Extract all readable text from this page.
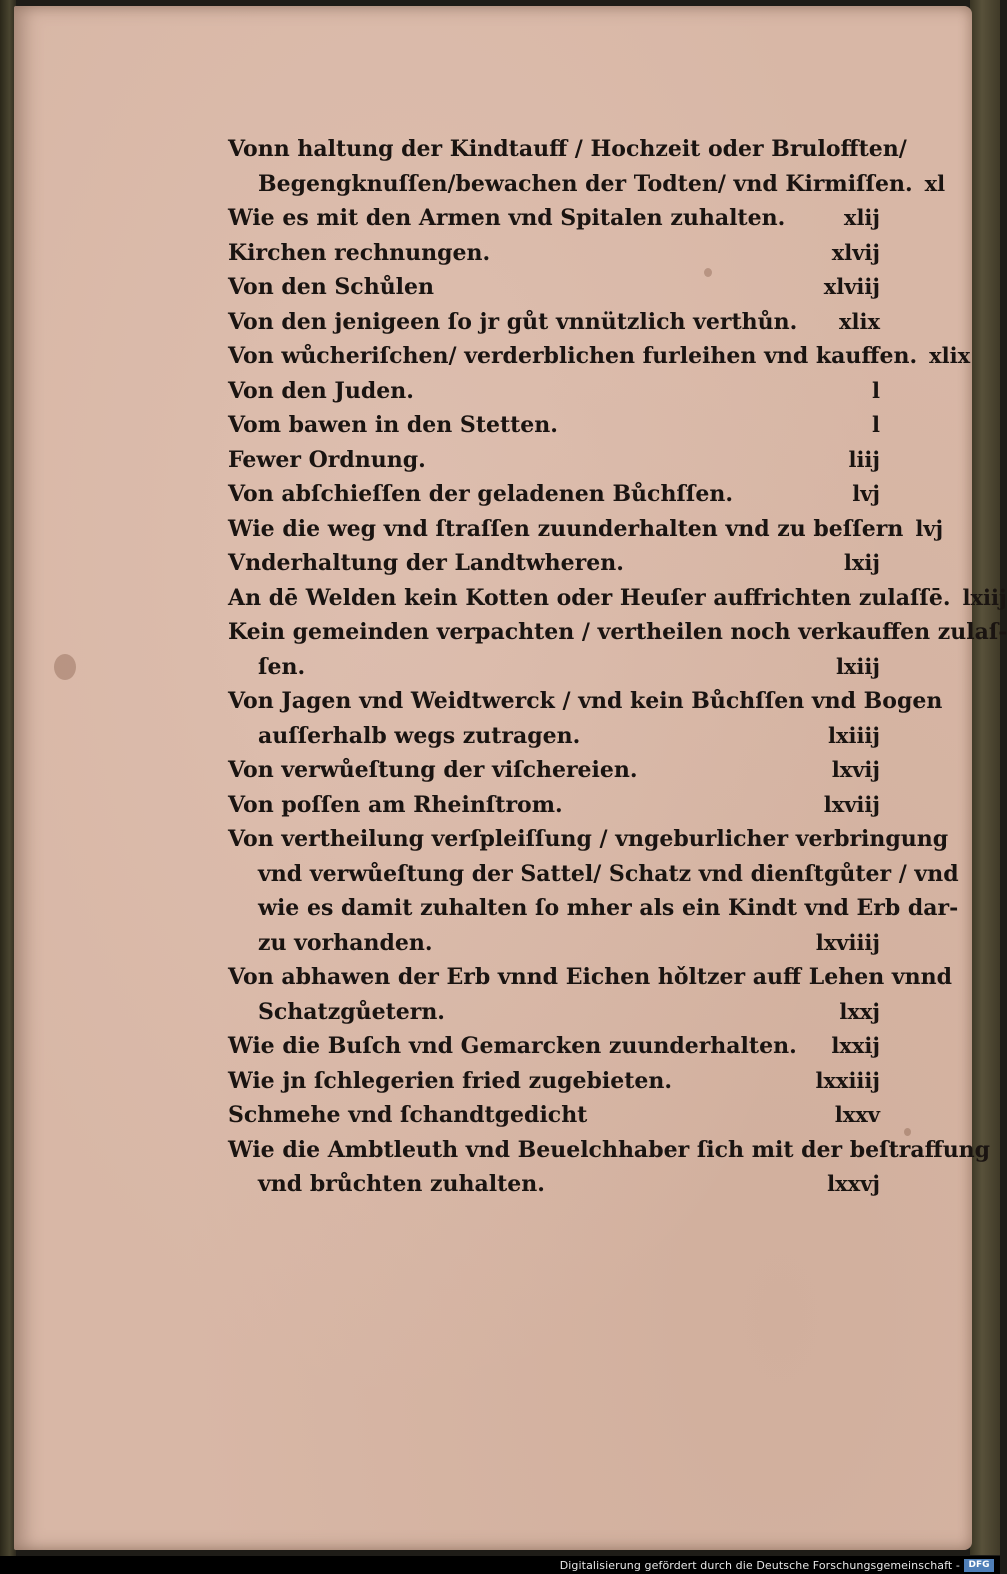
Vonn haltung der Kindtauff / Hochzeit oder Bruloﬀten/
Begengknuſſen/bewachen der Todten/ vnd Kirmiſſen. xl
Wie es mit den Armen vnd Spitalen zuhalten.	xlij
Kirchen rechnungen.	xlvij
Von den Schůlen	xlviij
Von den jenigeen ſo jr gůt vnnützlich verthůn.	xlix
Von wůcheriſchen/ verderblichen furleihen vnd kauffen. xlix
Von den Juden.	l
Vom bawen in den Stetten.	l
Fewer Ordnung.	liij
Von abſchieſſen der geladenen Bůchſſen.	lvj
Wie die weg vnd ſtraſſen zuunderhalten vnd zu beſſern lvj
Vnderhaltung der Landtwheren.	lxij
An dē Welden kein Kotten oder Heuſer auffrichten zulaſſē. lxiij
Kein gemeinden verpachten / vertheilen noch verkauffen zulaſ-
ſen.	lxiij
Von Jagen vnd Weidtwerck / vnd kein Bůchſſen vnd Bogen
auſſerhalb wegs zutragen.	lxiiij
Von verwůeſtung der viſchereien.	lxvij
Von poſſen am Rheinſtrom.	lxviij
Von vertheilung verſpleiſſung / vngeburlicher verbringung
vnd verwůeſtung der Sattel/ Schatz vnd dienſtgůter / vnd
wie es damit zuhalten ſo mher als ein Kindt vnd Erb dar-
zu vorhanden.	lxviiij
Von abhawen der Erb vnnd Eichen hǒltzer auff Lehen vnnd
Schatzgůetern.	lxxj
Wie die Buſch vnd Gemarcken zuunderhalten.	lxxij
Wie jn ſchlegerien fried zugebieten.	lxxiiij
Schmehe vnd ſchandtgedicht	lxxv
Wie die Ambtleuth vnd Beuelchhaber ſich mit der beſtraffung
vnd brůchten zuhalten.	lxxvj
Digitalisierung gefördert durch die Deutsche Forschungsgemeinschaft - DFG
